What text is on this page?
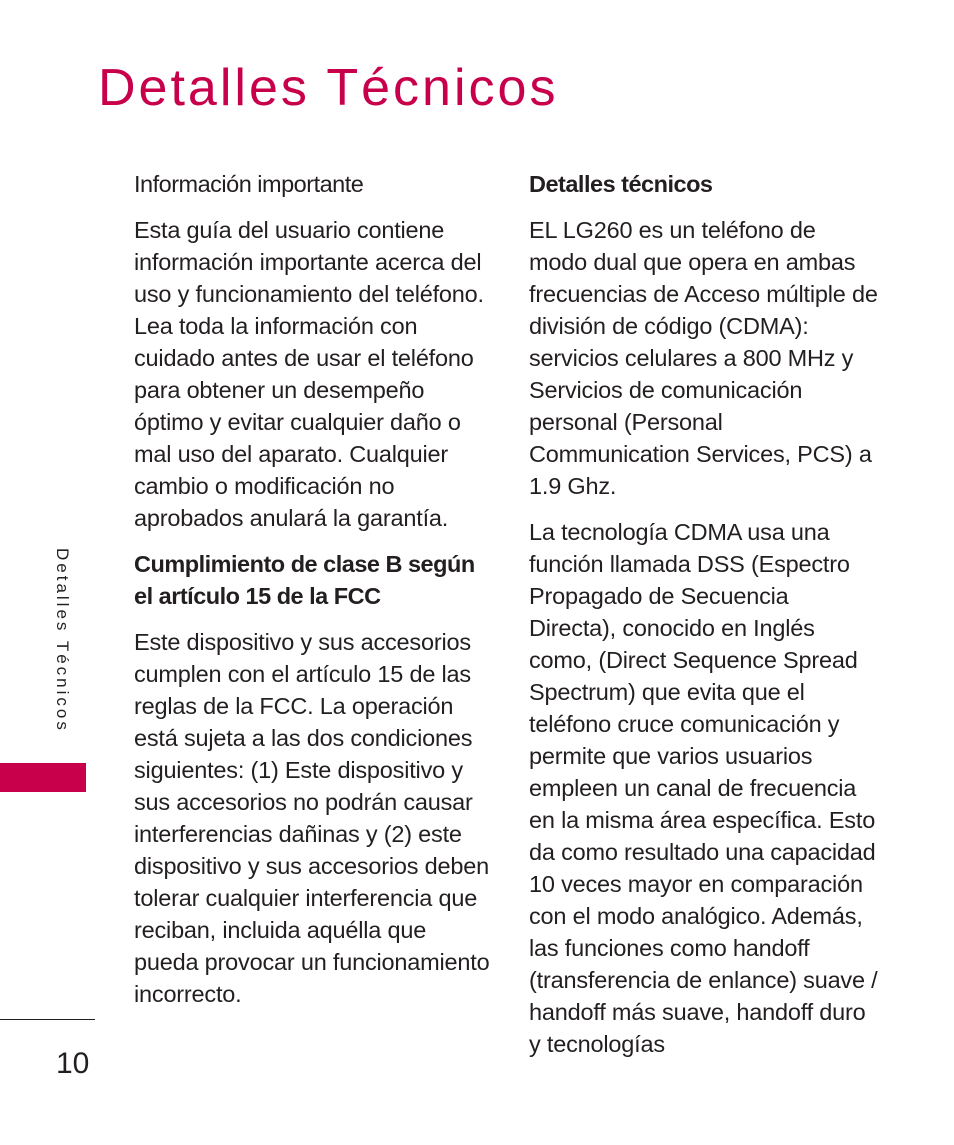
Detalles Técnicos
Detalles Técnicos
Información importante

Esta guía del usuario contiene información importante acerca del uso y funcionamiento del teléfono. Lea toda la información con cuidado antes de usar el teléfono para obtener un desempeño óptimo y evitar cualquier daño o mal uso del aparato. Cualquier cambio o modificación no aprobados anulará la garantía.

Cumplimiento de clase B según el artículo 15 de la FCC

Este dispositivo y sus accesorios cumplen con el artículo 15 de las reglas de la FCC. La operación está sujeta a las dos condiciones siguientes: (1) Este dispositivo y sus accesorios no podrán causar interferencias dañinas y (2) este dispositivo y sus accesorios deben tolerar cualquier interferencia que reciban, incluida aquélla que pueda provocar un funcionamiento incorrecto.

Detalles técnicos

EL LG260 es un teléfono de modo dual que opera en ambas frecuencias de Acceso múltiple de división de código (CDMA): servicios celulares a 800 MHz y Servicios de comunicación personal (Personal Communication Services, PCS) a 1.9 Ghz.

La tecnología CDMA usa una función llamada DSS (Espectro Propagado de Secuencia Directa), conocido en Inglés como, (Direct Sequence Spread Spectrum) que evita que el teléfono cruce comunicación y permite que varios usuarios empleen un canal de frecuencia en la misma área específica. Esto da como resultado una capacidad 10 veces mayor en comparación con el modo analógico. Además, las funciones como handoff (transferencia de enlance) suave / handoff más suave, handoff duro y tecnologías

10
